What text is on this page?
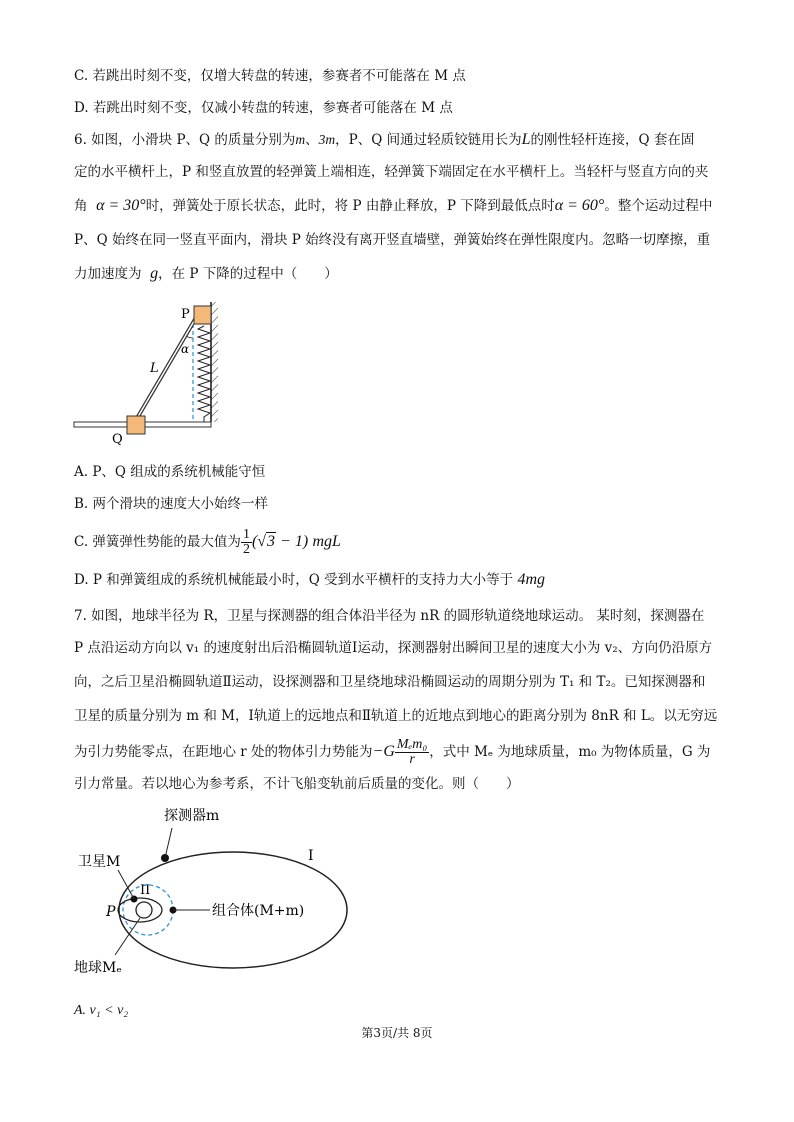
C. 若跳出时刻不变，仅增大转盘的转速，参赛者不可能落在 M 点
D. 若跳出时刻不变，仅减小转盘的转速，参赛者可能落在 M 点
6. 如图，小滑块 P、Q 的质量分别为m、3m，P、Q 间通过轻质铰链用长为L的刚性轻杆连接，Q 套在固
定的水平横杆上，P 和竖直放置的轻弹簧上端相连，轻弹簧下端固定在水平横杆上。当轻杆与竖直方向的夹
角 α = 30°时，弹簧处于原长状态，此时，将 P 由静止释放，P 下降到最低点时α = 60°。整个运动过程中
P、Q 始终在同一竖直平面内，滑块 P 始终没有离开竖直墙壁，弹簧始终在弹性限度内。忽略一切摩擦，重
力加速度为 g，在 P 下降的过程中（　　）
P
Q
L
α
A. P、Q 组成的系统机械能守恒
B. 两个滑块的速度大小始终一样
C. 弹簧弹性势能的最大值为 $\frac{1}{2} (√3 - 1)$ mgL
D. P 和弹簧组成的系统机械能最小时，Q 受到水平横杆的支持力大小等于 4mg
7. 如图，地球半径为 R，卫星与探测器的组合体沿半径为 nR 的圆形轨道绕地球运动。 某时刻，探测器在
P 点沿运动方向以 v₁ 的速度射出后沿椭圆轨道Ⅰ运动，探测器射出瞬间卫星的速度大小为 v₂、方向仍沿原方
向，之后卫星沿椭圆轨道Ⅱ运动，设探测器和卫星绕地球沿椭圆运动的周期分别为 T₁ 和 T₂。已知探测器和
卫星的质量分别为 m 和 M，Ⅰ轨道上的远地点和Ⅱ轨道上的近地点到地心的距离分别为 8nR 和 L。以无穷远
为引力势能零点，在距地心 r 处的物体引力势能为$-G \frac{\text{Mₑm₀}}{r}$ ，式中 Mₑ 为地球质量，m₀ 为物体质量，G 为
引力常量。若以地心为参考系，不计飞船变轨前后质量的变化。则（　　）
探测器m
卫星M	I
II
P	组合体(M+m)
地球Mₑ
A. v₁ < v₂
第3页/共 8页
